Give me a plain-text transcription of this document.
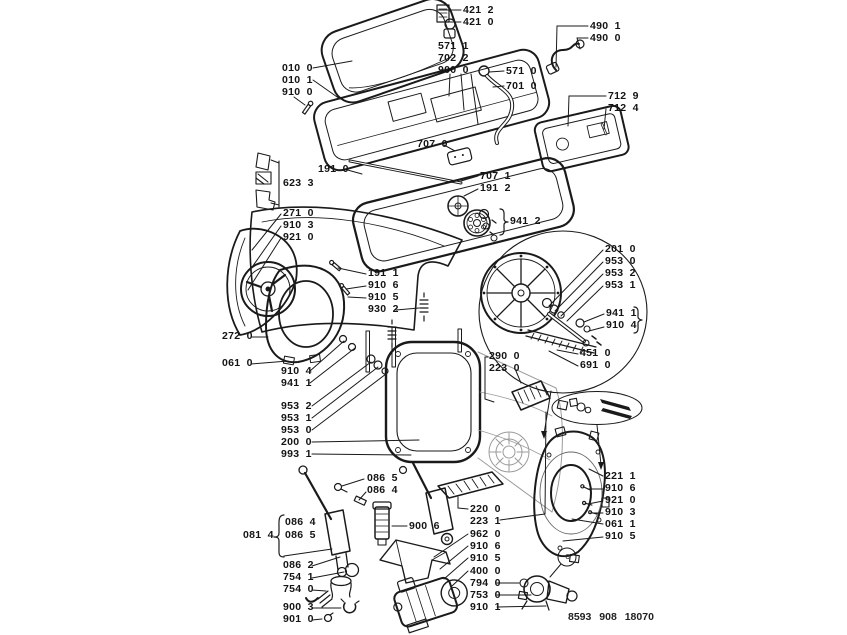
421 2
421 0
010 0
010 1
910 0
571 1
702 2
900 0	571 0
701 0
490 1
490 0
712 9
712 4
707 0
191 0
623 3
707 1
191 2
271 0
910 3
921 0
941 2
201 0
953 0
953 2
953 1
191 1
910 6
910 5
930 2	941 1
910 4
272 0
061 0
290 0
223 0
451 0
691 0
910 4
941 1
953 2
953 1
953 0
200 0
993 1
086 5
086 4
081 4
086 4
086 5
900 6
220 0
223 1
962 0
910 6
910 5
400 0
794 0
753 0
910 1
086 2
754 1
754 0
900 3
901 0
221 1
910 6
921 0
910 3
061 1
910 5
c
8593 908 18070
